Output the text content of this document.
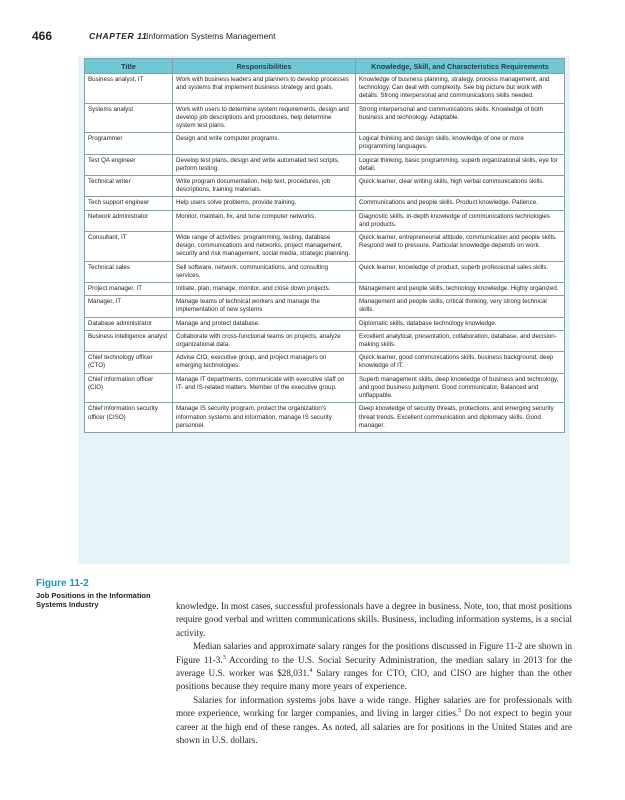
466	CHAPTER 11
Information Systems Management
Title	Responsibilities	Knowledge, Skill, and Characteristics Requirements
Business analyst, IT	Work with business leaders and planners to develop processes and systems that implement business strategy and goals.	Knowledge of business planning, strategy, process management, and technology. Can deal with complexity. See big picture but work with details. Strong interpersonal and communications skills needed.
Systems analyst	Work with users to determine system requirements, design and develop job descriptions and procedures, help determine system test plans.	Strong interpersonal and communications skills. Knowledge of both business and technology. Adaptable.
Programmer	Design and write computer programs.	Logical thinking and design skills, knowledge of one or more programming languages.
Test QA engineer	Develop test plans, design and write automated test scripts, perform testing.	Logical thinking, basic programming, superb organizational skills, eye for detail.
Technical writer	Write program documentation, help text, procedures, job descriptions, training materials.	Quick learner, clear writing skills, high verbal communications skills.
Tech support engineer	Help users solve problems, provide training.	Communications and people skills. Product knowledge. Patience.
Network administrator	Monitor, maintain, fix, and tune computer networks.	Diagnostic skills, in-depth knowledge of communications technologies and products.
Consultant, IT	Wide range of activities: programming, testing, database design, communications and networks, project management, security and risk management, social media, strategic planning.	Quick learner, entrepreneurial attitude, communication and people skills. Respond well to pressure. Particular knowledge depends on work.
Technical sales	Sell software, network, communications, and consulting services.	Quick learner, knowledge of product, superb professional sales skills.
Project manager, IT	Initiate, plan, manage, monitor, and close down projects.	Management and people skills, technology knowledge. Highly organized.
Manager, IT	Manage teams of technical workers and manage the implementation of new systems	Management and people skills, critical thinking, very strong technical skills.
Database administrator	Manage and protect database.	Diplomatic skills, database technology knowledge.
Business intelligence analyst	Collaborate with cross-functional teams on projects, analyze organizational data.	Excellent analytical, presentation, collaboration, database, and decision-making skills.
Chief technology officer (CTO)	Advise CIO, executive group, and project managers on emerging technologies.	Quick learner, good communications skills, business background, deep knowledge of IT.
Chief information officer (CIO)	Manage IT departments, communicate with executive staff on IT- and IS-related matters. Member of the executive group.	Superb management skills, deep knowledge of business and technology, and good business judgment. Good communicator. Balanced and unflappable.
Chief information security officer (CISO)	Manage IS security program, protect the organization's information systems and information, manage IS security personnel.	Deep knowledge of security threats, protections, and emerging security threat trends. Excellent communication and diplomacy skills. Good manager.
Figure 11-2
Job Positions in the Information Systems Industry	knowledge. In most cases, successful professionals have a degree in business. Note, too, that most positions require good verbal and written communications skills. Business, including information systems, is a social activity.

Median salaries and approximate salary ranges for the positions discussed in Figure 11-2 are shown in Figure 11-3.$^3$ According to the U.S. Social Security Administration, the median salary in 2013 for the average U.S. worker was $28,031.$^4$ Salary ranges for CTO, CIO, and CISO are higher than the other positions because they require many more years of experience.

Salaries for information systems jobs have a wide range. Higher salaries are for professionals with more experience, working for larger companies, and living in larger cities.$^5$ Do not expect to begin your career at the high end of these ranges. As noted, all salaries are for positions in the United States and are shown in U.S. dollars.
